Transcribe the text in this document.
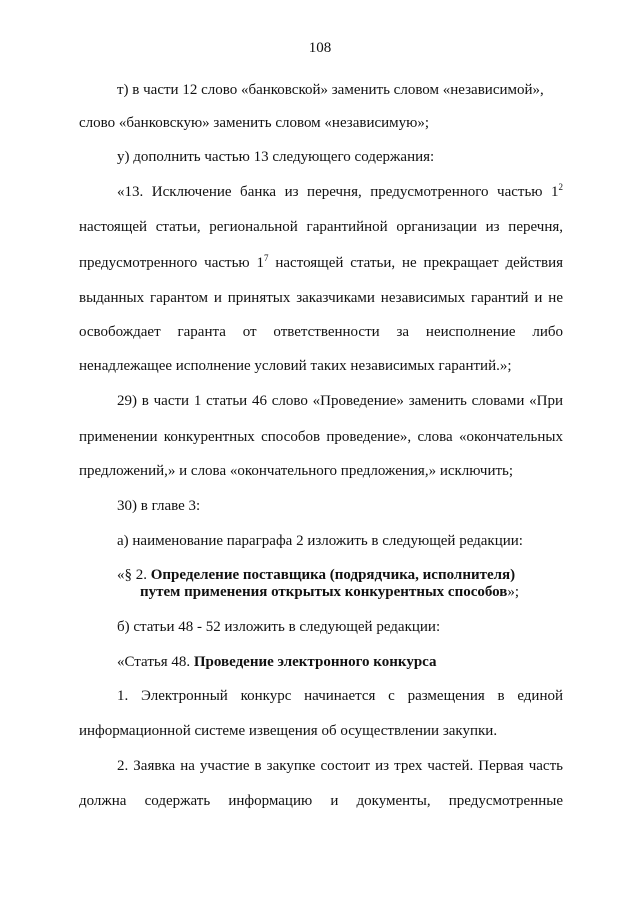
108
т) в части 12 слово «банковской» заменить словом «независимой»,
слово «банковскую» заменить словом «независимую»;
у) дополнить частью 13 следующего содержания:
«13. Исключение банка из перечня, предусмотренного частью $1^2$
настоящей статьи, региональной гарантийной организации из перечня,
предусмотренного частью $1^7$ настоящей статьи, не прекращает действия
выданных гарантом и принятых заказчиками независимых гарантий и не
освобождает гаранта от ответственности за неисполнение либо
ненадлежащее исполнение условий таких независимых гарантий.»;
29) в части 1 статьи 46 слово «Проведение» заменить словами «При
применении конкурентных способов проведение», слова «окончательных
предложений,» и слова «окончательного предложения,» исключить;
30) в главе 3:
а) наименование параграфа 2 изложить в следующей редакции:
«§ 2. Определение поставщика (подрядчика, исполнителя)
путем применения открытых конкурентных способов»;
б) статьи 48 - 52 изложить в следующей редакции:
«Статья 48. Проведение электронного конкурса
1. Электронный конкурс начинается с размещения в единой
информационной системе извещения об осуществлении закупки.
2. Заявка на участие в закупке состоит из трех частей. Первая часть
должна содержать информацию и документы, предусмотренные
